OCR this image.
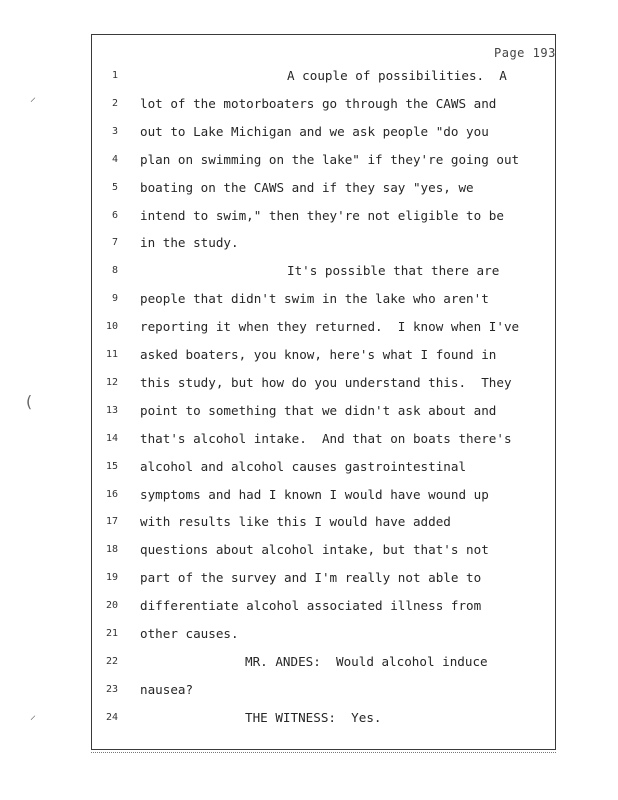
Page 193
⸝
(
⸝
1	A couple of possibilities.  A
2 lot of the motorboaters go through the CAWS and
3 out to Lake Michigan and we ask people "do you
4 plan on swimming on the lake" if they're going out
5 boating on the CAWS and if they say "yes, we
6 intend to swim," then they're not eligible to be
7 in the study.
8	It's possible that there are
9 people that didn't swim in the lake who aren't
10 reporting it when they returned.  I know when I've
11 asked boaters, you know, here's what I found in
12 this study, but how do you understand this.  They
13 point to something that we didn't ask about and
14 that's alcohol intake.  And that on boats there's
15 alcohol and alcohol causes gastrointestinal
16 symptoms and had I known I would have wound up
17 with results like this I would have added
18 questions about alcohol intake, but that's not
19 part of the survey and I'm really not able to
20 differentiate alcohol associated illness from
21 other causes.
22	MR. ANDES:  Would alcohol induce
23 nausea?
24	THE WITNESS:  Yes.
